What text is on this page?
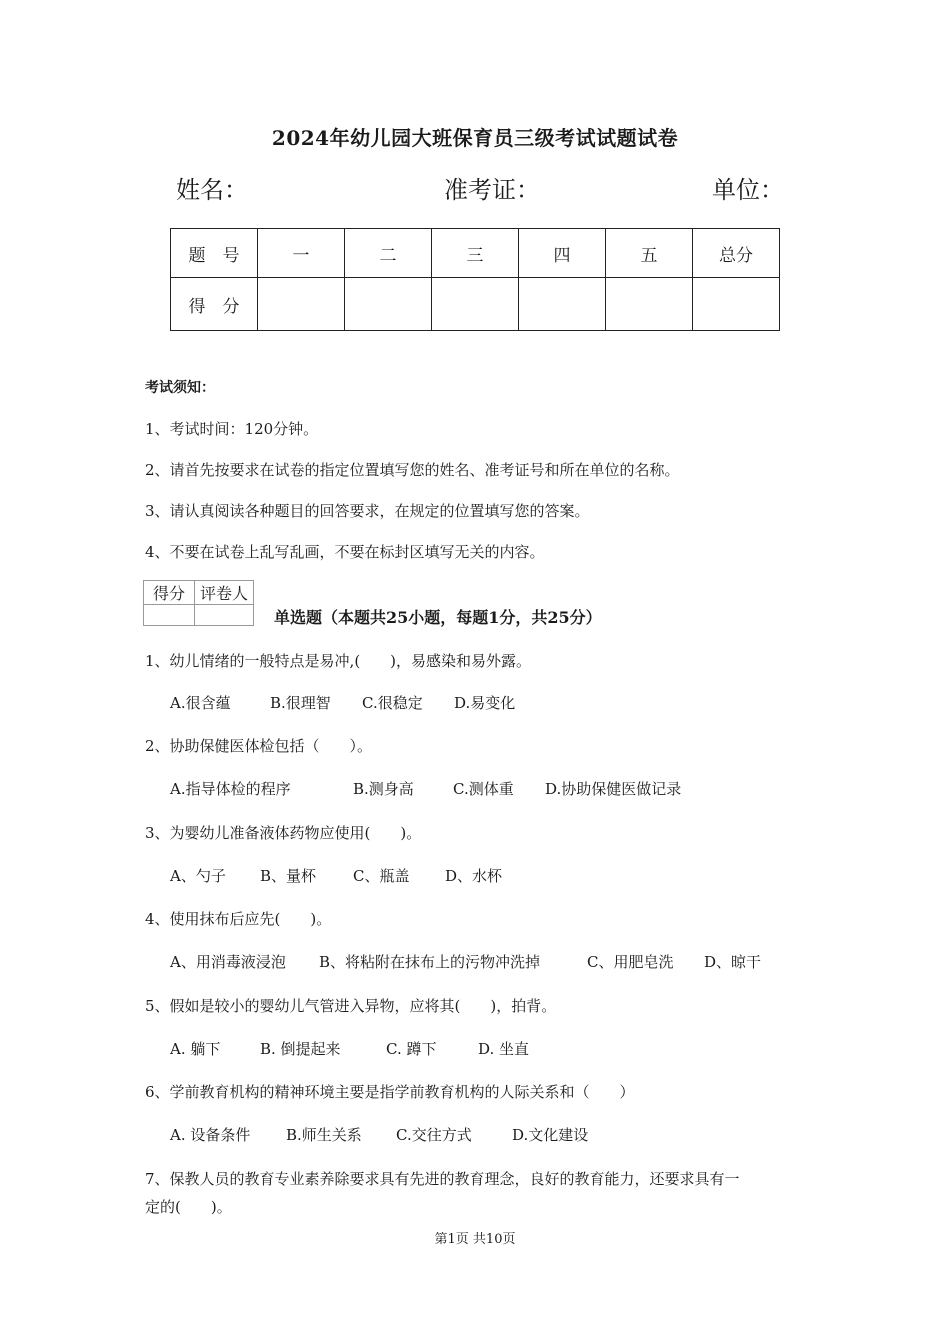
2024年幼儿园大班保育员三级考试试题试卷
姓名：	准考证：	单位：
题　号	一	二	三	四	五	总分
得　分						
考试须知：
1、考试时间：120分钟。
2、请首先按要求在试卷的指定位置填写您的姓名、准考证号和所在单位的名称。
3、请认真阅读各种题目的回答要求，在规定的位置填写您的答案。
4、不要在试卷上乱写乱画，不要在标封区填写无关的内容。
得分	评卷人

单选题（本题共25小题，每题1分，共25分）
1、幼儿情绪的一般特点是易冲,(　　)，易感染和易外露。
A.很含蕴	B.很理智 C.很稳定 D.易变化
2、协助保健医体检包括（　　）。
A.指导体检的程序	B.测身高	C.测体重 D.协助保健医做记录
3、为婴幼儿准备液体药物应使用(　　)。
A、勺子 B、量杯 C、瓶盖 D、水杯
4、使用抹布后应先(　　)。
A、用消毒液浸泡 B、将粘附在抹布上的污物冲洗掉	C、用肥皂洗 D、晾干
5、假如是较小的婴幼儿气管进入异物，应将其(　　)，拍背。
A. 躺下	B. 倒提起来	C. 蹲下	D. 坐直
6、学前教育机构的精神环境主要是指学前教育机构的人际关系和（　　）
A. 设备条件 B.师生关系 C.交往方式	D.文化建设
7、保教人员的教育专业素养除要求具有先进的教育理念，良好的教育能力，还要求具有一
定的(　　)。
第1页 共10页
